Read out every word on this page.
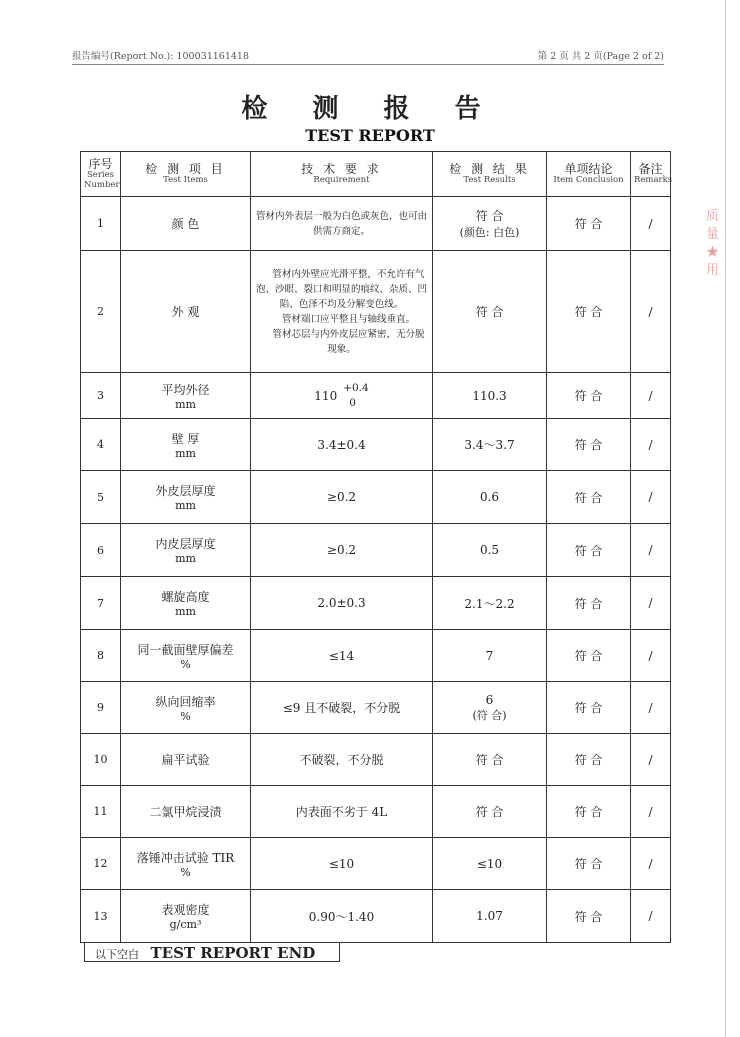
报告编号(Report No.): 100031161418	第 2 页 共 2 页(Page 2 of 2)
检 测 报 告
TEST REPORT
序号
Series Number	检 测 项 目
Test Items	技 术 要 求
Requirement	检 测 结 果
Test Results	单项结论
Item Conclusion	备注
Remarks

1	颜 色	管材内外表层一般为白色或灰色，也可由供需方商定。	符 合
(颜色: 白色)	符 合	/
2	外 观	管材内外壁应光滑平整，不允许有气泡、沙眼、裂口和明显的痕纹、杂质、凹陷、色泽不均及分解变色线。
管材端口应平整且与轴线垂直。
管材芯层与内外皮层应紧密，无分脱现象。	符 合	符 合	/
3	平均外径
mm	110
+0.4
0	110.3	符 合	/
4	壁 厚
mm	3.4±0.4	3.4～3.7	符 合	/
5	外皮层厚度
mm	≥0.2	0.6	符 合	/
6	内皮层厚度
mm	≥0.2	0.5	符 合	/
7	螺旋高度
mm	2.0±0.3	2.1～2.2	符 合	/
8	同一截面壁厚偏差
%	≤14	7	符 合	/
9	纵向回缩率
%	≤9 且不破裂，不分脱	6
(符 合)	符 合	/
10	扁平试验	不破裂，不分脱	符 合	符 合	/
11	二氯甲烷浸渍	内表面不劣于 4L	符 合	符 合	/
12	落锤冲击试验 TIR
%	≤10	≤10	符 合	/
13	表观密度
g/cm³	0.90～1.40	1.07	符 合	/
以下空白 TEST REPORT END
质量 ★ 用
